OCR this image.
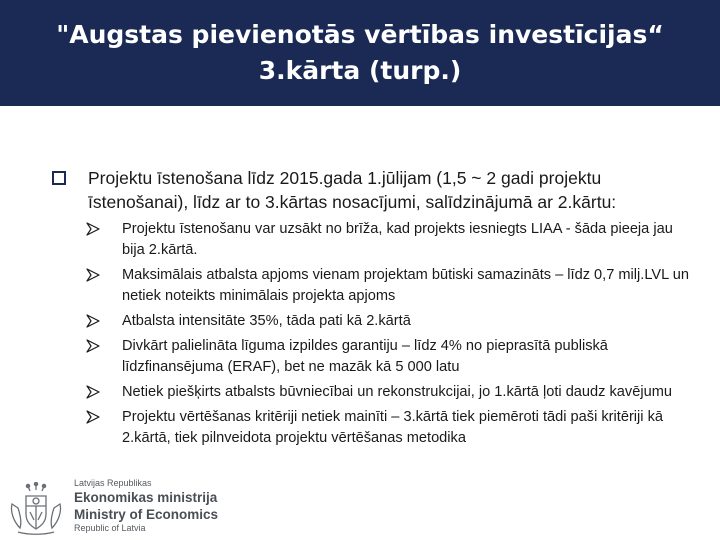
"Augstas pievienotās vērtības investīcijas“ 3.kārta (turp.)
Projektu īstenošana līdz 2015.gada 1.jūlijam (1,5 ~ 2 gadi projektu īstenošanai), līdz ar to 3.kārtas nosacījumi, salīdzinājumā ar 2.kārtu:
Projektu īstenošanu var uzsākt no brīža, kad projekts iesniegts LIAA - šāda pieeja jau bija 2.kārtā.
Maksimālais atbalsta apjoms vienam projektam būtiski samazināts – līdz 0,7 milj.LVL un netiek noteikts minimālais projekta apjoms
Atbalsta intensitāte 35%, tāda pati kā 2.kārtā
Divkārt palielināta līguma izpildes garantiju – līdz 4% no pieprasītā publiskā līdzfinansējuma (ERAF), bet ne mazāk kā 5 000 latu
Netiek piešķirts atbalsts būvniecībai un rekonstrukcijai, jo 1.kārtā ļoti daudz kavējumu
Projektu vērtēšanas kritēriji netiek mainīti – 3.kārtā tiek piemēroti tādi paši kritēriji kā 2.kārtā, tiek pilnveidota projektu vērtēšanas metodika
Latvijas Republikas
Ekonomikas ministrija
Ministry of Economics
Republic of Latvia
